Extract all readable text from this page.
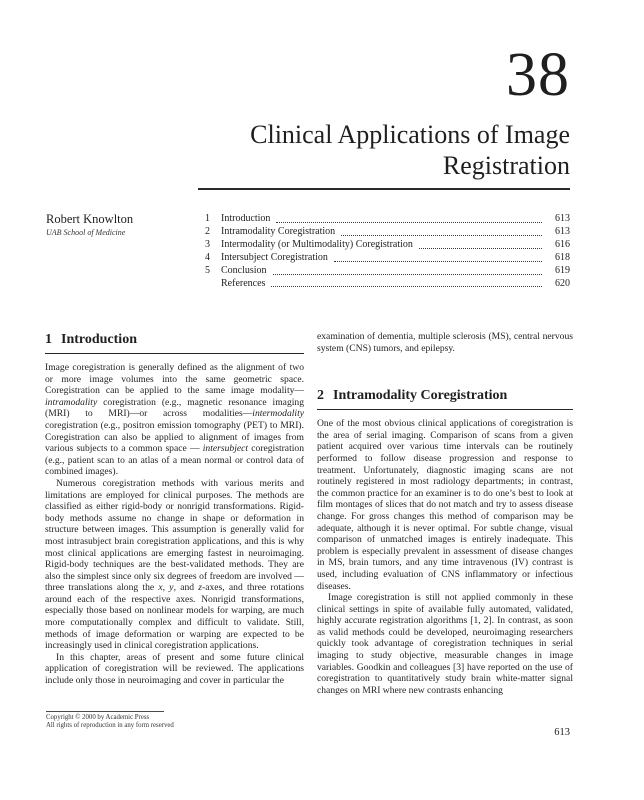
38
Clinical Applications of Image
Registration
Robert Knowlton
UAB School of Medicine
1	Introduction	613
2	Intramodality Coregistration	613
3	Intermodality (or Multimodality) Coregistration	616
4	Intersubject Coregistration	618
5	Conclusion	619
References	620
1 Introduction

Image coregistration is generally defined as the alignment of two or more image volumes into the same geometric space. Coregistration can be applied to the same image modality—intramodality coregistration (e.g., magnetic resonance imaging (MRI) to MRI)—or across modalities—intermodality coregistration (e.g., positron emission tomography (PET) to MRI). Coregistration can also be applied to alignment of images from various subjects to a common space — intersubject coregistration (e.g., patient scan to an atlas of a mean normal or control data of combined images).

Numerous coregistration methods with various merits and limitations are employed for clinical purposes. The methods are classified as either rigid-body or nonrigid transformations. Rigid-body methods assume no change in shape or deformation in structure between images. This assumption is generally valid for most intrasubject brain coregistration applications, and this is why most clinical applications are emerging fastest in neuroimaging. Rigid-body techniques are the best-validated methods. They are also the simplest since only six degrees of freedom are involved — three translations along the x, y, and z-axes, and three rotations around each of the respective axes. Nonrigid transformations, especially those based on nonlinear models for warping, are much more computationally complex and difficult to validate. Still, methods of image deformation or warping are expected to be increasingly used in clinical coregistration applications.

In this chapter, areas of present and some future clinical application of coregistration will be reviewed. The applications include only those in neuroimaging and cover in particular the

examination of dementia, multiple sclerosis (MS), central nervous system (CNS) tumors, and epilepsy.

2 Intramodality Coregistration

One of the most obvious clinical applications of coregistration is the area of serial imaging. Comparison of scans from a given patient acquired over various time intervals can be routinely performed to follow disease progression and response to treatment. Unfortunately, diagnostic imaging scans are not routinely registered in most radiology departments; in contrast, the common practice for an examiner is to do one’s best to look at film montages of slices that do not match and try to assess disease change. For gross changes this method of comparison may be adequate, although it is never optimal. For subtle change, visual comparison of unmatched images is entirely inadequate. This problem is especially prevalent in assessment of disease changes in MS, brain tumors, and any time intravenous (IV) contrast is used, including evaluation of CNS inflammatory or infectious diseases.

Image coregistration is still not applied commonly in these clinical settings in spite of available fully automated, validated, highly accurate registration algorithms [1, 2]. In contrast, as soon as valid methods could be developed, neuroimaging researchers quickly took advantage of coregistration techniques in serial imaging to study objective, measurable changes in image variables. Goodkin and colleagues [3] have reported on the use of coregistration to quantitatively study brain white-matter signal changes on MRI where new contrasts enhancing

Copyright © 2000 by Academic Press
All rights of reproduction in any form reserved
613
